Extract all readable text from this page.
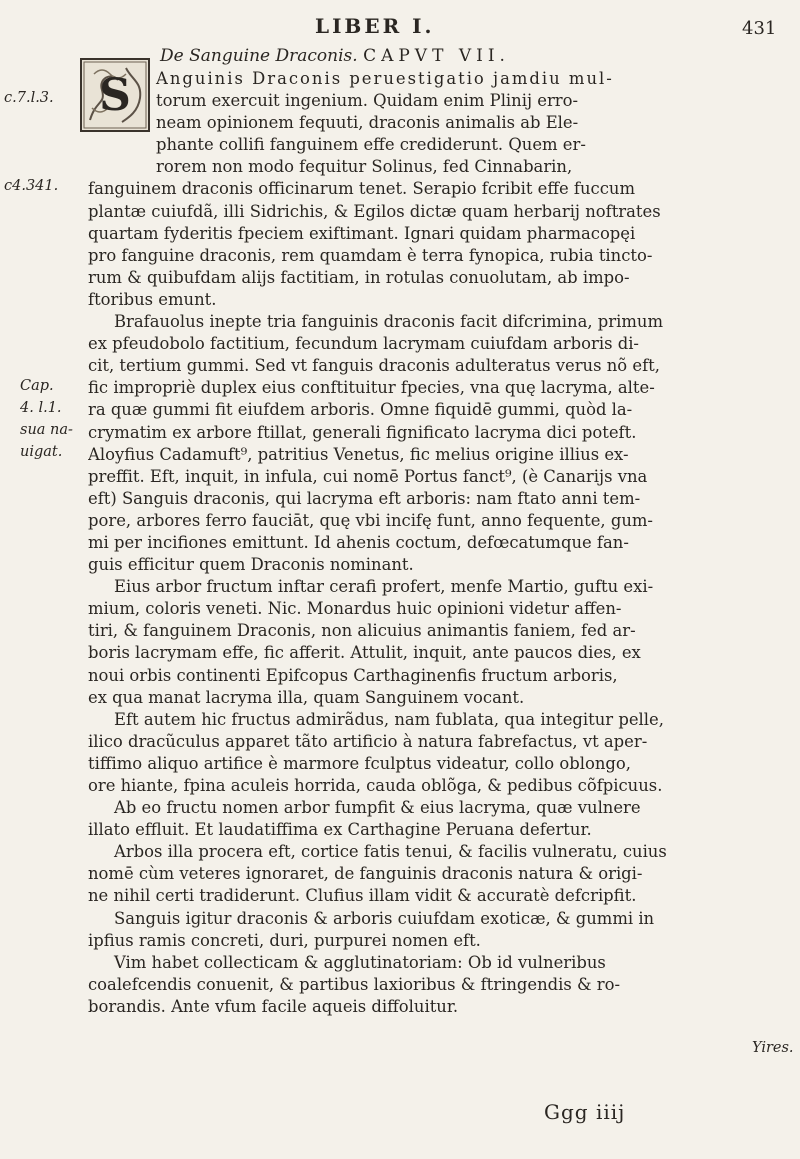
LIBER I.	431
De Sanguine Draconis. CAPVT VII.
S
c.7.l.3.
c4.341.
Cap.
4. l.1.
sua na-
uigat.
Yires.
Anguinis Draconis peruestigatio jamdiu mul-
torum exercuit ingenium. Quidam enim Plinij erro-
neam opinionem fequuti, draconis animalis ab Ele-
phante collifi fanguinem effe crediderunt. Quem er-
rorem non modo fequitur Solinus, fed Cinnabarin,
fanguinem draconis officinarum tenet. Serapio fcribit effe fuccum
plantæ cuiufdã, illi Sidrichis, & Egilos dictæ quam herbarij noftrates
quartam fyderitis fpeciem exiftimant. Ignari quidam pharmacopęi
pro fanguine draconis, rem quamdam è terra fynopica, rubia tincto-
rum & quibufdam alijs factitiam, in rotulas conuolutam, ab impo-
ftoribus emunt.
Brafauolus inepte tria fanguinis draconis facit difcrimina, primum
ex pfeudobolo factitium, fecundum lacrymam cuiufdam arboris di-
cit, tertium gummi. Sed vt fanguis draconis adulteratus verus nõ eft,
fic impropriè duplex eius conftituitur fpecies, vna quę lacryma, alte-
ra quæ gummi fit eiufdem arboris. Omne fiquidē gummi, quòd la-
crymatim ex arbore ftillat, generali fignificato lacryma dici poteft.
Aloyfius Cadamuft⁹, patritius Venetus, fic melius origine illius ex-
preffit. Eft, inquit, in infula, cui nomē Portus fanct⁹, (è Canarijs vna
eft) Sanguis draconis, qui lacryma eft arboris: nam ftato anni tem-
pore, arbores ferro fauciāt, quę vbi incifę funt, anno fequente, gum-
mi per incifiones emittunt. Id ahenis coctum, defœcatumque fan-
guis efficitur quem Draconis nominant.
Eius arbor fructum inftar cerafi profert, menfe Martio, guftu exi-
mium, coloris veneti. Nic. Monardus huic opinioni videtur affen-
tiri, & fanguinem Draconis, non alicuius animantis faniem, fed ar-
boris lacrymam effe, fic afferit. Attulit, inquit, ante paucos dies, ex
noui orbis continenti Epifcopus Carthaginenfis fructum arboris,
ex qua manat lacryma illa, quam Sanguinem vocant.
Eft autem hic fructus admirãdus, nam fublata, qua integitur pelle,
ilico dracũculus apparet tãto artificio à natura fabrefactus, vt aper-
tiffimo aliquo artifice è marmore fculptus videatur, collo oblongo,
ore hiante, fpina aculeis horrida, cauda oblõga, & pedibus cõfpicuus.
Ab eo fructu nomen arbor fumpfit & eius lacryma, quæ vulnere
illato effluit. Et laudatiffima ex Carthagine Peruana defertur.
Arbos illa procera eft, cortice fatis tenui, & facilis vulneratu, cuius
nomē cùm veteres ignoraret, de fanguinis draconis natura & origi-
ne nihil certi tradiderunt. Clufius illam vidit & accuratè defcripfit.
Sanguis igitur draconis & arboris cuiufdam exoticæ, & gummi in
ipfius ramis concreti, duri, purpurei nomen eft.
Vim habet collecticam & agglutinatoriam: Ob id vulneribus
coalefcendis conuenit, & partibus laxioribus & ftringendis & ro-
borandis. Ante vfum facile aqueis diffoluitur.
Ggg iiij
